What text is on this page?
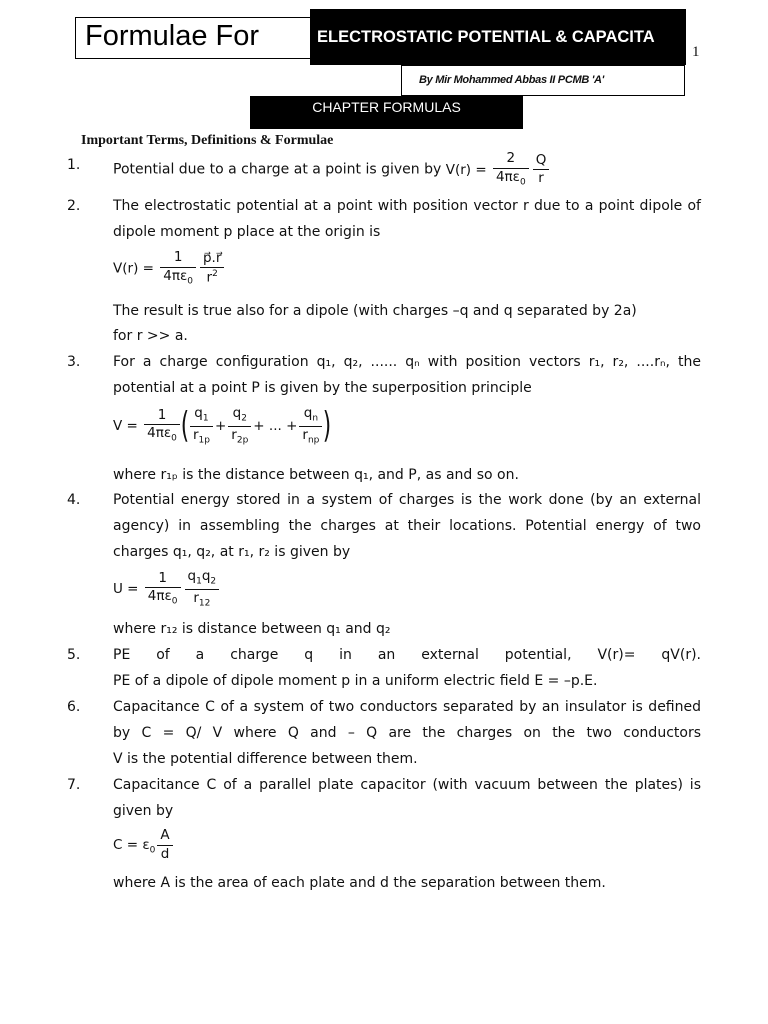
Formulae For	ELECTROSTATIC POTENTIAL & CAPACITA
1
By Mir Mohammed Abbas II PCMB 'A'
CHAPTER FORMULAS
Important Terms, Definitions & Formulae
1. Potential due to a charge at a point is given by $V(r) = \frac{2}{4\pi\varepsilon_0} \frac{Q}{r}$
2. The electrostatic potential at a point with position vector r due to a point dipole of
dipole moment p place at the origin is
$V(r) = \frac{1}{4\pi\varepsilon_0} \frac{p⃗.r⃗}{r^2}$
The result is true also for a dipole (with charges –q and q separated by 2a)
for r >> a.
3. For a charge configuration q₁, q₂, ...... qₙ with position vectors r₁, r₂, ....rₙ, the
potential at a point P is given by the superposition principle
$V = \frac{1}{4\pi\varepsilon_0}$ ( $\frac{q_1}{r_{1p}} + \frac{q_2}{r_{2p}}$ + ... + $\frac{q_n}{r_{np}}$ )
where r₁ₚ is the distance between q₁, and P, as and so on.
4. Potential energy stored in a system of charges is the work done (by an external
agency) in assembling the charges at their locations. Potential energy of two
charges q₁, q₂, at r₁, r₂ is given by
$U = \frac{1}{4\pi\varepsilon_0} \frac{q_1q_2}{r_{12}}$
where r₁₂ is distance between q₁ and q₂
5. PE of a charge q in an external potential, V(r)= qV(r).
PE of a dipole of dipole moment p in a uniform electric field E = –p.E.
6. Capacitance C of a system of two conductors separated by an insulator is defined
by C = Q/ V where Q and – Q are the charges on the two conductors
V is the potential difference between them.
7. Capacitance C of a parallel plate capacitor (with vacuum between the plates) is
given by
$C = \varepsilon_0 \frac{A}{d}$
where A is the area of each plate and d the separation between them.
